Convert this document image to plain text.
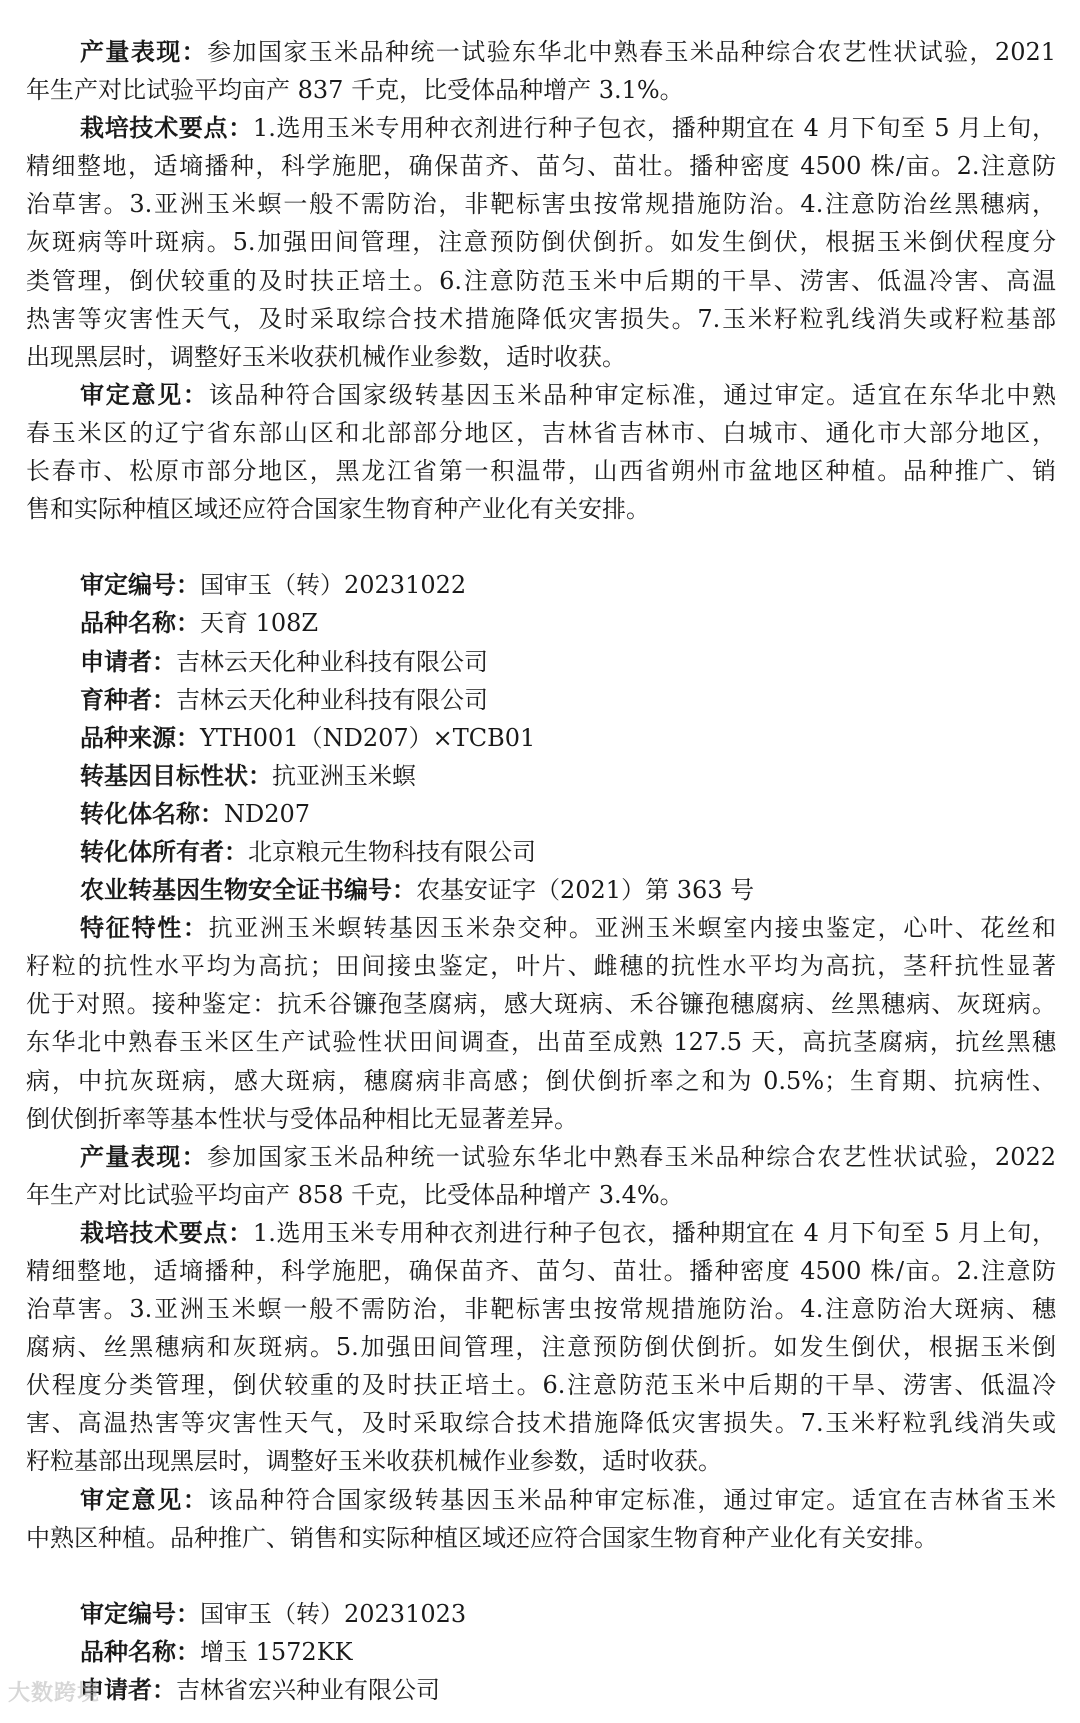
产量表现：参加国家玉米品种统一试验东华北中熟春玉米品种综合农艺性状试验，2021
年生产对比试验平均亩产 837 千克，比受体品种增产 3.1%。
栽培技术要点：1.选用玉米专用种衣剂进行种子包衣，播种期宜在 4 月下旬至 5 月上旬，
精细整地，适墒播种，科学施肥，确保苗齐、苗匀、苗壮。播种密度 4500 株/亩。2.注意防
治草害。3.亚洲玉米螟一般不需防治，非靶标害虫按常规措施防治。4.注意防治丝黑穗病，
灰斑病等叶斑病。5.加强田间管理，注意预防倒伏倒折。如发生倒伏，根据玉米倒伏程度分
类管理，倒伏较重的及时扶正培土。6.注意防范玉米中后期的干旱、涝害、低温冷害、高温
热害等灾害性天气，及时采取综合技术措施降低灾害损失。7.玉米籽粒乳线消失或籽粒基部
出现黑层时，调整好玉米收获机械作业参数，适时收获。
审定意见：该品种符合国家级转基因玉米品种审定标准，通过审定。适宜在东华北中熟
春玉米区的辽宁省东部山区和北部部分地区，吉林省吉林市、白城市、通化市大部分地区，
长春市、松原市部分地区，黑龙江省第一积温带，山西省朔州市盆地区种植。品种推广、销
售和实际种植区域还应符合国家生物育种产业化有关安排。
审定编号：国审玉（转）20231022
品种名称：天育 108Z
申请者：吉林云天化种业科技有限公司
育种者：吉林云天化种业科技有限公司
品种来源：YTH001（ND207）×TCB01
转基因目标性状：抗亚洲玉米螟
转化体名称：ND207
转化体所有者：北京粮元生物科技有限公司
农业转基因生物安全证书编号：农基安证字（2021）第 363 号
特征特性：抗亚洲玉米螟转基因玉米杂交种。亚洲玉米螟室内接虫鉴定，心叶、花丝和
籽粒的抗性水平均为高抗；田间接虫鉴定，叶片、雌穗的抗性水平均为高抗，茎秆抗性显著
优于对照。接种鉴定：抗禾谷镰孢茎腐病，感大斑病、禾谷镰孢穗腐病、丝黑穗病、灰斑病。
东华北中熟春玉米区生产试验性状田间调查，出苗至成熟 127.5 天，高抗茎腐病，抗丝黑穗
病，中抗灰斑病，感大斑病，穗腐病非高感；倒伏倒折率之和为 0.5%；生育期、抗病性、
倒伏倒折率等基本性状与受体品种相比无显著差异。
产量表现：参加国家玉米品种统一试验东华北中熟春玉米品种综合农艺性状试验，2022
年生产对比试验平均亩产 858 千克，比受体品种增产 3.4%。
栽培技术要点：1.选用玉米专用种衣剂进行种子包衣，播种期宜在 4 月下旬至 5 月上旬，
精细整地，适墒播种，科学施肥，确保苗齐、苗匀、苗壮。播种密度 4500 株/亩。2.注意防
治草害。3.亚洲玉米螟一般不需防治，非靶标害虫按常规措施防治。4.注意防治大斑病、穗
腐病、丝黑穗病和灰斑病。5.加强田间管理，注意预防倒伏倒折。如发生倒伏，根据玉米倒
伏程度分类管理，倒伏较重的及时扶正培土。6.注意防范玉米中后期的干旱、涝害、低温冷
害、高温热害等灾害性天气，及时采取综合技术措施降低灾害损失。7.玉米籽粒乳线消失或
籽粒基部出现黑层时，调整好玉米收获机械作业参数，适时收获。
审定意见：该品种符合国家级转基因玉米品种审定标准，通过审定。适宜在吉林省玉米
中熟区种植。品种推广、销售和实际种植区域还应符合国家生物育种产业化有关安排。
审定编号：国审玉（转）20231023
品种名称：增玉 1572KK
申请者：吉林省宏兴种业有限公司
大数跨境
